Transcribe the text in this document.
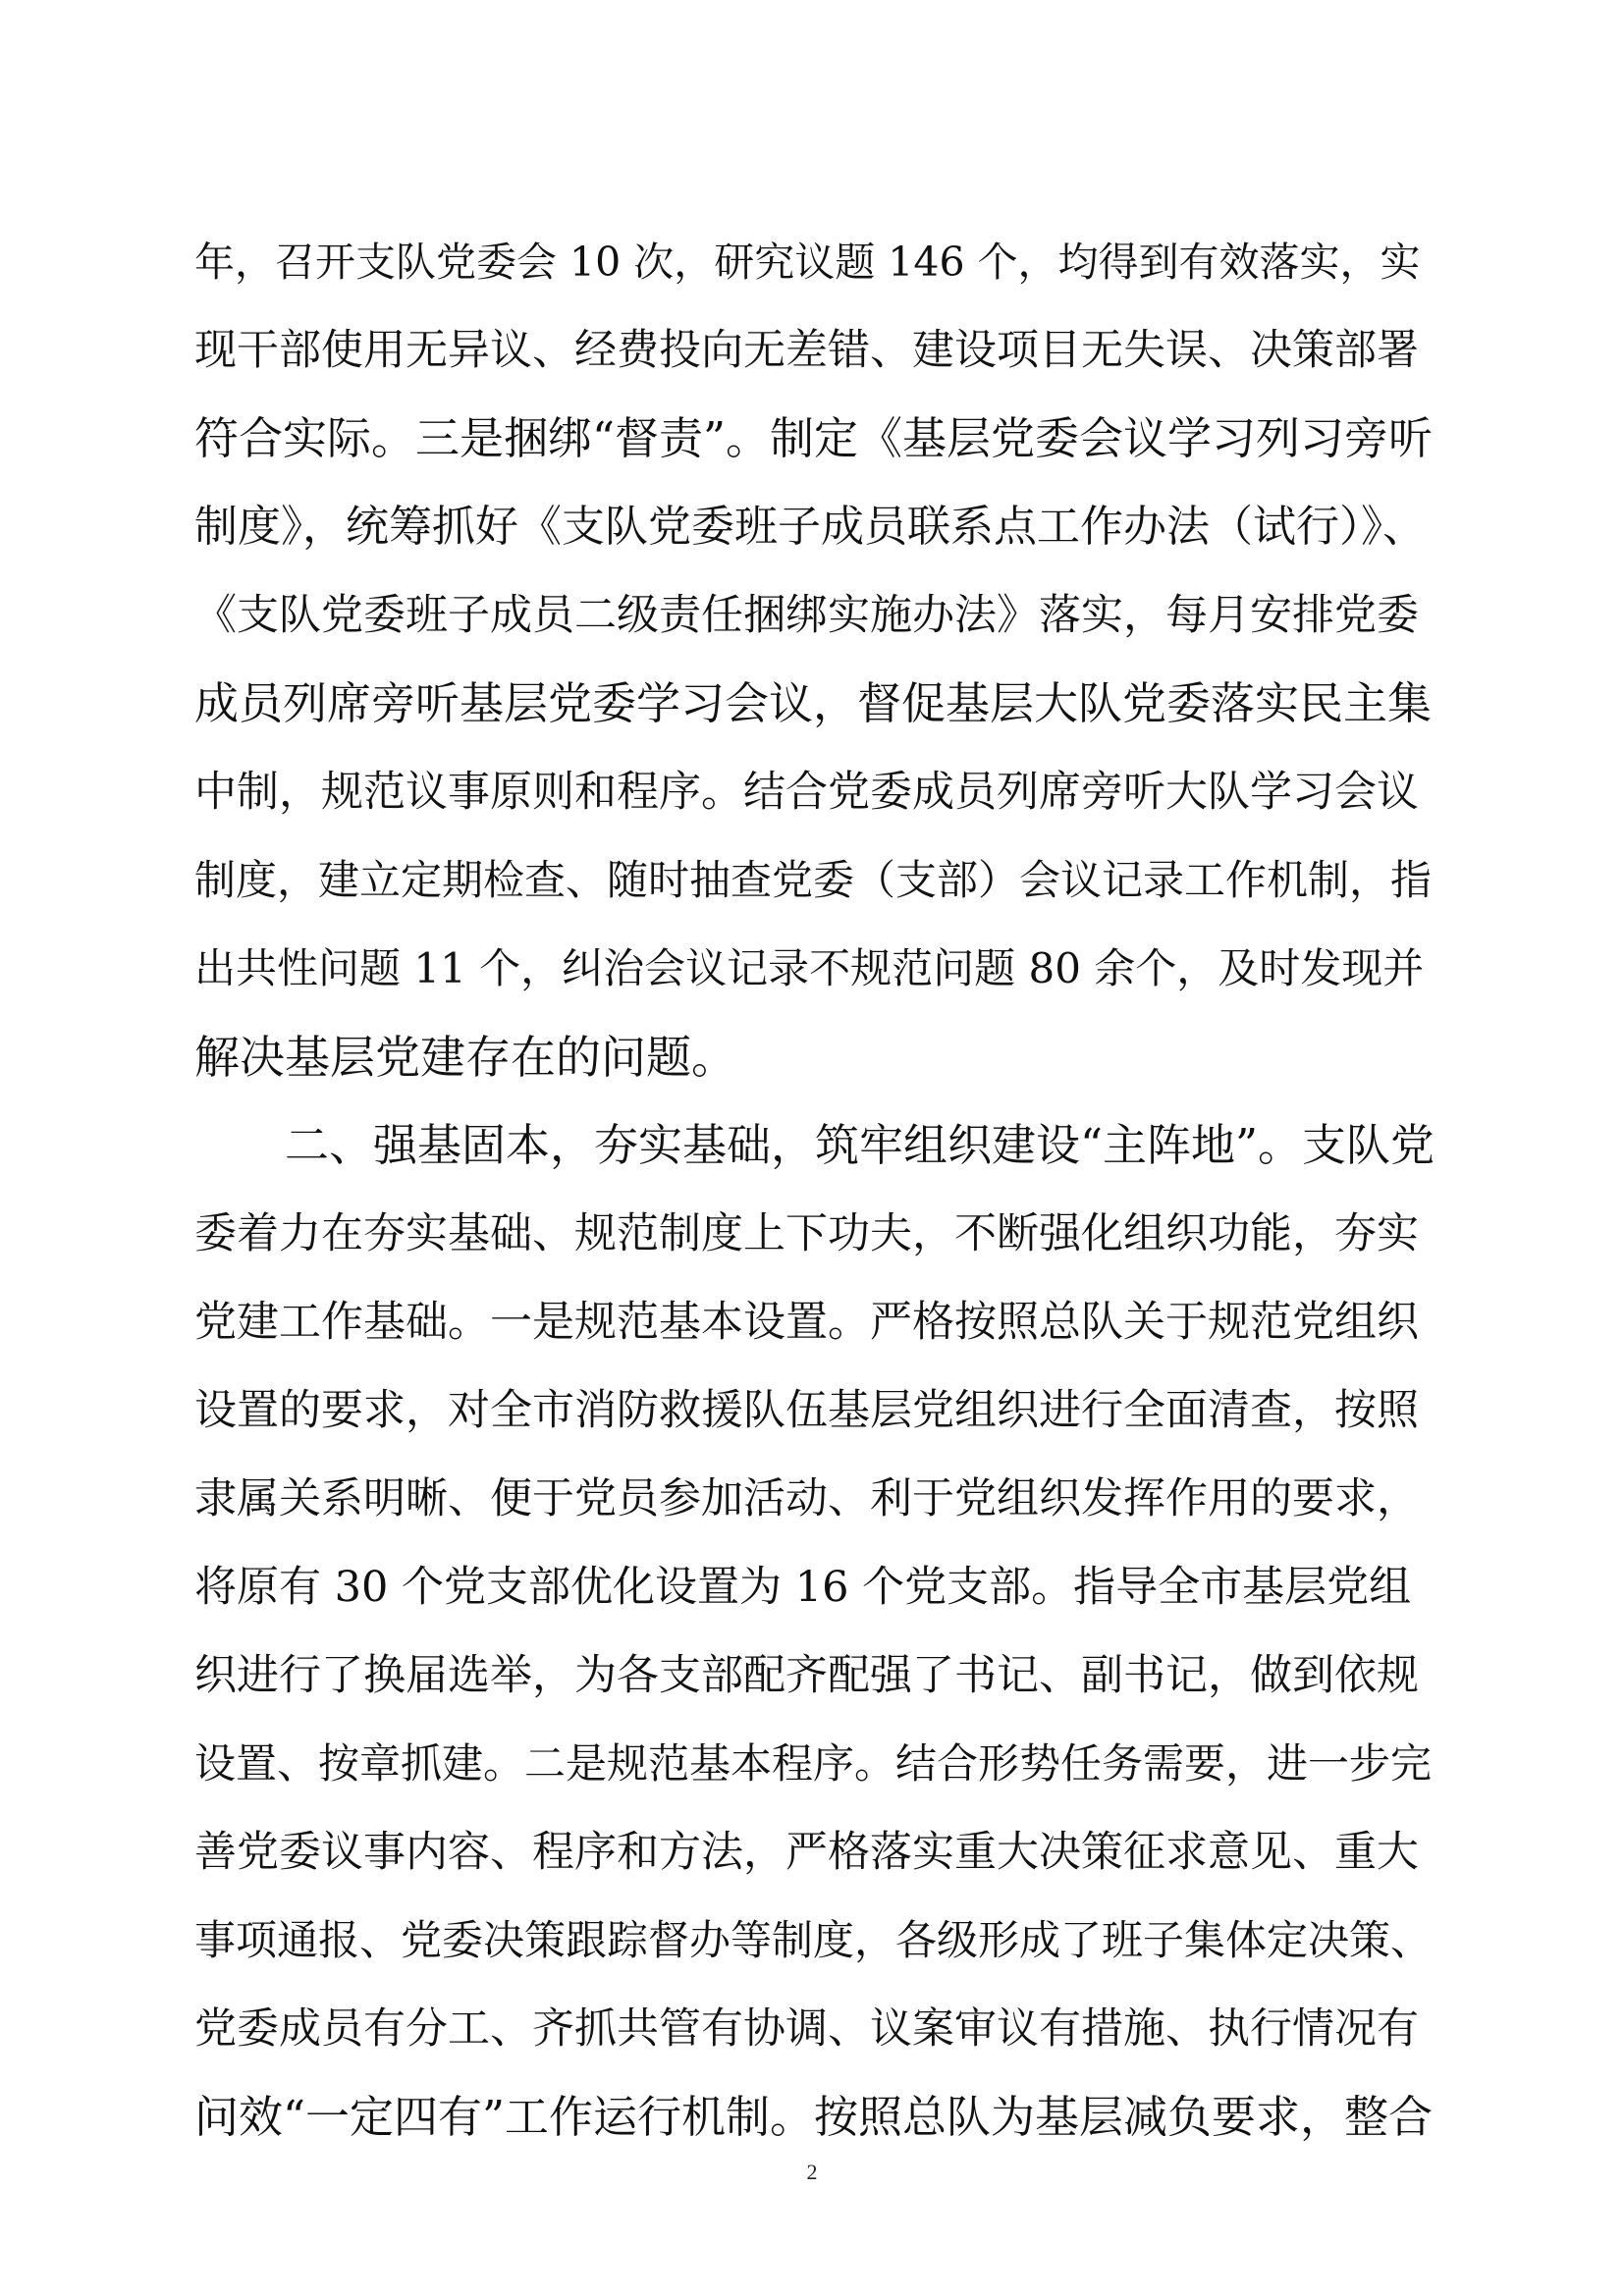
年，召开支队党委会 10 次，研究议题 146 个，均得到有效落实，实
现干部使用无异议、经费投向无差错、建设项目无失误、决策部署
符合实际。三是捆绑“督责”。制定《基层党委会议学习列习旁听
制度》，统筹抓好《支队党委班子成员联系点工作办法（试行）》、
《支队党委班子成员二级责任捆绑实施办法》落实，每月安排党委
成员列席旁听基层党委学习会议，督促基层大队党委落实民主集
中制，规范议事原则和程序。结合党委成员列席旁听大队学习会议
制度，建立定期检查、随时抽查党委（支部）会议记录工作机制，指
出共性问题 11 个，纠治会议记录不规范问题 80 余个，及时发现并
解决基层党建存在的问题。
二、强基固本，夯实基础，筑牢组织建设“主阵地”。支队党
委着力在夯实基础、规范制度上下功夫，不断强化组织功能，夯实
党建工作基础。一是规范基本设置。严格按照总队关于规范党组织
设置的要求，对全市消防救援队伍基层党组织进行全面清查，按照
隶属关系明晰、便于党员参加活动、利于党组织发挥作用的要求，
将原有 30 个党支部优化设置为 16 个党支部。指导全市基层党组
织进行了换届选举，为各支部配齐配强了书记、副书记，做到依规
设置、按章抓建。二是规范基本程序。结合形势任务需要，进一步完
善党委议事内容、程序和方法，严格落实重大决策征求意见、重大
事项通报、党委决策跟踪督办等制度，各级形成了班子集体定决策、
党委成员有分工、齐抓共管有协调、议案审议有措施、执行情况有
问效“一定四有”工作运行机制。按照总队为基层减负要求，整合
2
